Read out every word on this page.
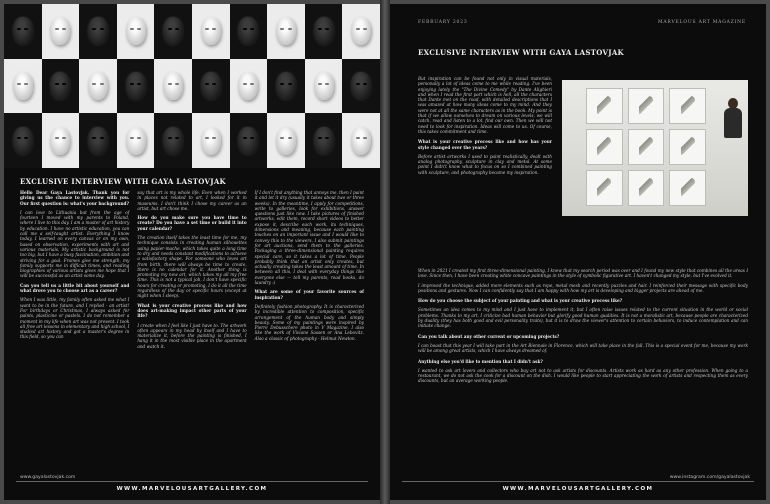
EXCLUSIVE INTERVIEW WITH GAYA LASTOVJAK

Hello Dear Gaya Lastovjak. Thank you for giving us the chance to interview with you. Our first question is: what's your background?

I can love to Lithuania but from the age of fourteen I moved with my parents to Poland, where I live to this day. I am a master of art history by education. I have no artistic education, you can call me a self-taught artist. Everything I know today, I learned on every canvas or on my own, based on observation, experiments with art and various materials. My artistic background is not too big, but I have a busy fascination, ambition and striving for a goal. Frames give me strength, my family supports me in difficult times, and reading biographies of various artists gives me hope that I will be successful as an artist some day.

Can you tell us a little bit about yourself and what drove you to choose art as a career?

When I was little, my family often asked me what I want to be in the future, and I replied - an artist! For birthdays or Christmas, I always asked for paints, plasticine or pastels. I do not remember a moment in my life when art was not present. I took all free art lessons in elementary and high school, I studied art history and got a master's degree in this field, so you can

say that art is my whole life. Even when I worked in places not related to art, I looked for it in museums. I don't think I chose my career as an artist, but art chose me.

How do you make sure you have time to create? Do you have a set time or build it into your calendar?

The creation itself takes the least time for me, my technique consists in creating human silhouettes using papier-mache, which takes quite a long time to dry and needs constant modifications to achieve a satisfactory shape. For someone who loves art from birth, there will always be time to create, there is no calendar for it. Another thing is promoting my new art, which takes my all my free time. This is not a typical job, I don't have specific hours for creating or promoting, I do it all the time regardless of the day or specific hours (except at night when I sleep).

What is your creative process like and how does art-making impact other parts of your life?

I create when I feel like I just have to. The artwork often appears in my head by itself and I have to materialize it, before the painting is finished, I hang it in the most visible place in the apartment and watch it.

If I don't find anything that annoys me, then I paint it and let it dry (usually it takes about two or three weeks). In the meantime, I apply for competitions, write to galleries, look for exhibitions, answer questions just like now. I take pictures of finished artworks, edit them, record short videos to better expose it, describe each work, its techniques, dimensions and meaning, because each painting touches on an important issue and I would like to convey this to the viewers. I also submit paintings for art auctions, send them to the galleries. Packaging a three-dimensional painting requires special care, so it takes a lot of time. People probably think that an artist only creates, but actually creating takes the least amount of time. In between all this, I deal with everyday things like everyone else — tell my parents, read books, do laundry :)

What are some of your favorite sources of inspiration?

Definitely fashion photography. It is characterized by incredible attention to composition, specific arrangement of the human body and simply beauty. Some of my paintings were inspired by Pierre Debusschere photo in V Magazine, I also like the work of Viviane Sassen or Ana Lebovitz. Also a classic of photography - Helmut Newton.

www.gayalastovjak.com
WWW.MARVELOUSARTGALLERY.COM
FEBRUARY 2023	MARVELOUS ART MAGAZINE
EXCLUSIVE INTERVIEW WITH GAYA LASTOVJAK

But inspiration can be found not only in visual materials, personally a lot of ideas come to me while reading. I've been enjoying lately the "The Divine Comedy" by Dante Alighieri and when I read the first part which is hell, all the characters that Dante met on the road, with detailed descriptions that I was amazed at how many ideas come to my mind. And they were not at all the same characters as in the book. My point is that if we allow ourselves to dream on various levels, we will catch, read and listen to a lot, find our own. Then we will not need to look for inspiration. Ideas will come to us. Of course, this takes commitment and time.

What is your creative process like and how has your style changed over the years?

Before artist artworks I used to paint realistically, dealt with analog photography, sculpture in clay and metal. At some point I didn't know what to focus on so I combined painting with sculpture, and photography became my inspiration.

When in 2021 I created my first three-dimensional painting, I knew that my search period was over and I found my new style that combines all the areas I love. Since then, I have been creating white concave paintings in the style of symbolic figurative art. I haven't changed my style, but I've evolved it.

I improved the technique, added more elements such as rope, metal mesh and recently puzzles and hair. I reinforced their message with specific body positions and gestures. Now I can confidently say that I am happy with how my art is developing and bigger projects are ahead of me.

How do you choose the subject of your painting and what is your creative process like?

Sometimes an idea comes to my mind and I just have to implement it, but I often raise issues related to the current situation in the world or social problems. Thanks to my art, I criticize bad human behavior but glorify good human qualities. It is not a moralistic art, because people are characterized by duality (they has both good and evil personality traits), but it is to draw the viewer's attention to certain behaviors, to induce contemplation and can initiate change.

Can you talk about any other current or upcoming projects?

I can boast that this year I will take part in the Art Biennale in Florence, which will take place in the fall. This is a special event for me, because my work will be among great artists, which I have always dreamed of.

Anything else you'd like to mention that I didn't ask?

I wanted to ask art lovers and collectors who buy art not to ask artists for discounts. Artists work as hard as any other profession. When going to a restaurant, we do not ask the cook for a discount on the dish. I would like people to start appreciating the work of artists and respecting them as every discounts, but an average working people.

www.instagram.com/gayalastovjak
WWW.MARVELOUSARTGALLERY.COM
